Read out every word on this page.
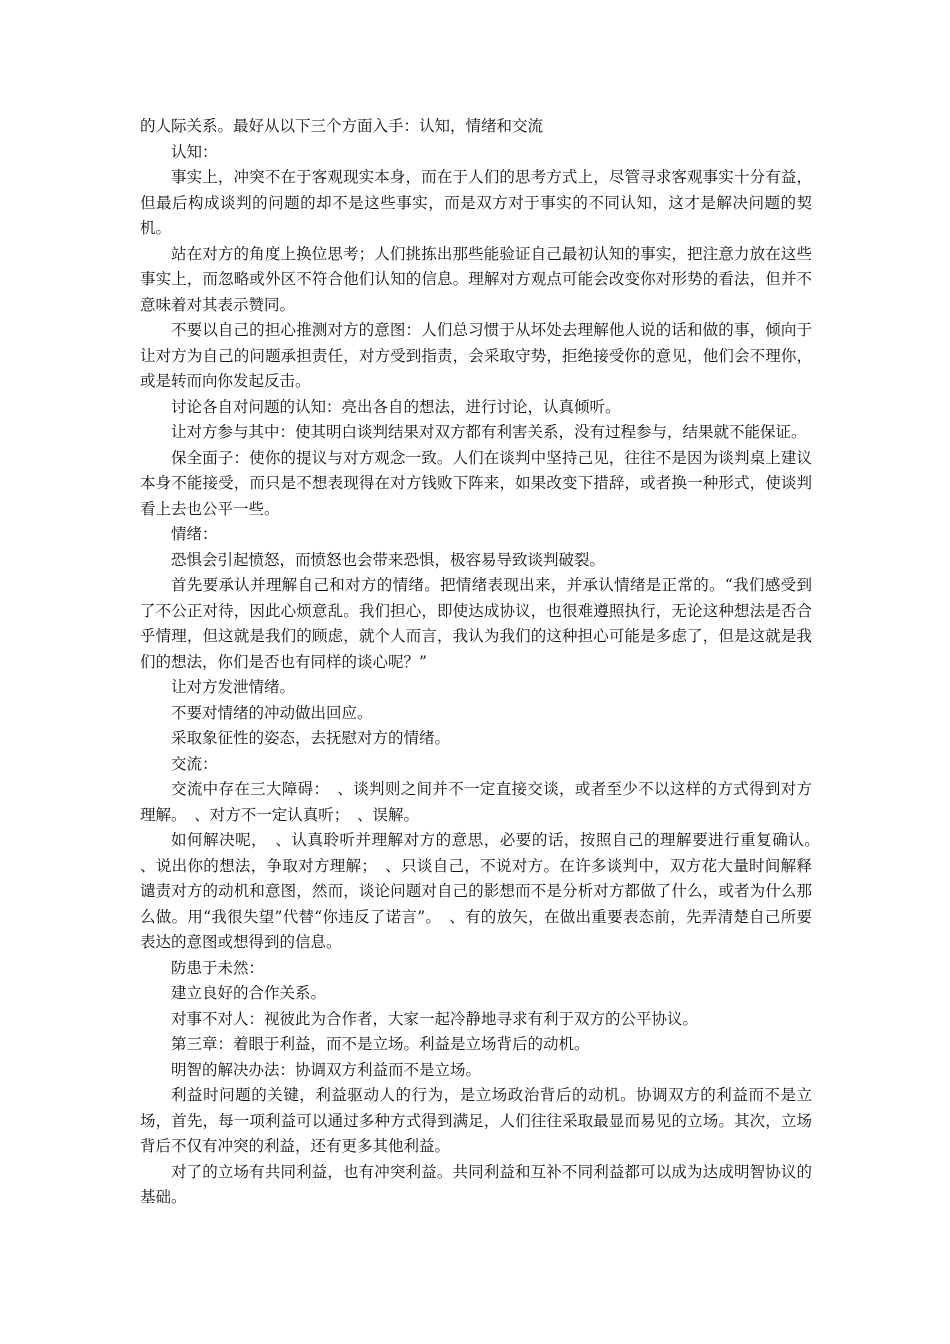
的人际关系。最好从以下三个方面入手：认知，情绪和交流

认知：

事实上，冲突不在于客观现实本身，而在于人们的思考方式上，尽管寻求客观事实十分有益，但最后构成谈判的问题的却不是这些事实，而是双方对于事实的不同认知，这才是解决问题的契机。

站在对方的角度上换位思考；人们挑拣出那些能验证自己最初认知的事实，把注意力放在这些事实上，而忽略或外区不符合他们认知的信息。理解对方观点可能会改变你对形势的看法，但并不意味着对其表示赞同。

不要以自己的担心推测对方的意图：人们总习惯于从坏处去理解他人说的话和做的事，倾向于让对方为自己的问题承担责任，对方受到指责，会采取守势，拒绝接受你的意见，他们会不理你，或是转而向你发起反击。

讨论各自对问题的认知：亮出各自的想法，进行讨论，认真倾听。

让对方参与其中：使其明白谈判结果对双方都有利害关系，没有过程参与，结果就不能保证。

保全面子：使你的提议与对方观念一致。人们在谈判中坚持己见，往往不是因为谈判桌上建议本身不能接受，而只是不想表现得在对方钱败下阵来，如果改变下措辞，或者换一种形式，使谈判看上去也公平一些。

情绪：

恐惧会引起愤怒，而愤怒也会带来恐惧，极容易导致谈判破裂。

首先要承认并理解自己和对方的情绪。把情绪表现出来，并承认情绪是正常的。“我们感受到了不公正对待，因此心烦意乱。我们担心，即使达成协议，也很难遵照执行，无论这种想法是否合乎情理，但这就是我们的顾虑，就个人而言，我认为我们的这种担心可能是多虑了，但是这就是我们的想法，你们是否也有同样的谈心呢？”

让对方发泄情绪。

不要对情绪的冲动做出回应。

采取象征性的姿态，去抚慰对方的情绪。

交流：

交流中存在三大障碍：　、谈判则之间并不一定直接交谈，或者至少不以这样的方式得到对方理解。　、对方不一定认真听；　、误解。

如何解决呢，　、认真聆听并理解对方的意思，必要的话，按照自己的理解要进行重复确认。　、说出你的想法，争取对方理解；　、只谈自己，不说对方。在许多谈判中，双方花大量时间解释谴责对方的动机和意图，然而，谈论问题对自己的影想而不是分析对方都做了什么，或者为什么那么做。用“我很失望”代替“你违反了诺言”。　、有的放矢，在做出重要表态前，先弄清楚自己所要表达的意图或想得到的信息。

防患于未然：

建立良好的合作关系。

对事不对人：视彼此为合作者，大家一起冷静地寻求有利于双方的公平协议。

第三章：着眼于利益，而不是立场。利益是立场背后的动机。

明智的解决办法：协调双方利益而不是立场。

利益时问题的关键，利益驱动人的行为，是立场政治背后的动机。协调双方的利益而不是立场，首先，每一项利益可以通过多种方式得到满足，人们往往采取最显而易见的立场。其次，立场背后不仅有冲突的利益，还有更多其他利益。

对了的立场有共同利益，也有冲突利益。共同利益和互补不同利益都可以成为达成明智协议的基础。
